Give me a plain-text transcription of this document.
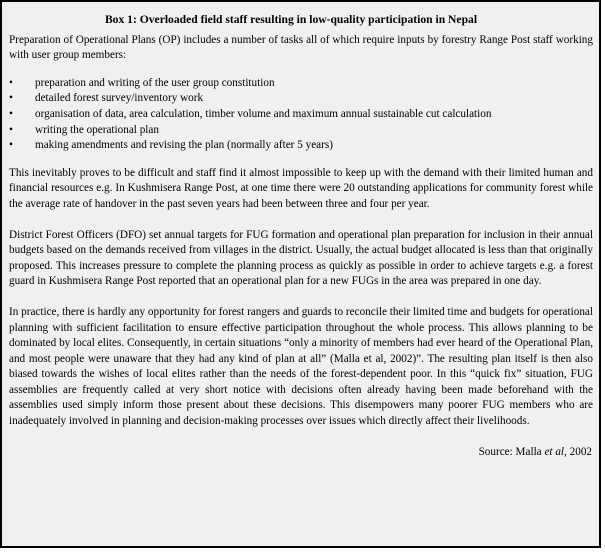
Box 1: Overloaded field staff resulting in low-quality participation in Nepal

Preparation of Operational Plans (OP) includes a number of tasks all of which require inputs by forestry Range Post staff working with user group members:

•	preparation and writing of the user group constitution
•	detailed forest survey/inventory work
•	organisation of data, area calculation, timber volume and maximum annual sustainable cut calculation
•	writing the operational plan
•	making amendments and revising the plan (normally after 5 years)

This inevitably proves to be difficult and staff find it almost impossible to keep up with the demand with their limited human and financial resources e.g. In Kushmisera Range Post, at one time there were 20 outstanding applications for community forest while the average rate of handover in the past seven years had been between three and four per year.

District Forest Officers (DFO) set annual targets for FUG formation and operational plan preparation for inclusion in their annual budgets based on the demands received from villages in the district. Usually, the actual budget allocated is less than that originally proposed. This increases pressure to complete the planning process as quickly as possible in order to achieve targets e.g. a forest guard in Kushmisera Range Post reported that an operational plan for a new FUGs in the area was prepared in one day.

In practice, there is hardly any opportunity for forest rangers and guards to reconcile their limited time and budgets for operational planning with sufficient facilitation to ensure effective participation throughout the whole process. This allows planning to be dominated by local elites. Consequently, in certain situations “only a minority of members had ever heard of the Operational Plan, and most people were unaware that they had any kind of plan at all” (Malla et al, 2002)”. The resulting plan itself is then also biased towards the wishes of local elites rather than the needs of the forest-dependent poor. In this “quick fix” situation, FUG assemblies are frequently called at very short notice with decisions often already having been made beforehand with the assemblies used simply inform those present about these decisions. This disempowers many poorer FUG members who are inadequately involved in planning and decision-making processes over issues which directly affect their livelihoods.

Source: Malla et al, 2002
